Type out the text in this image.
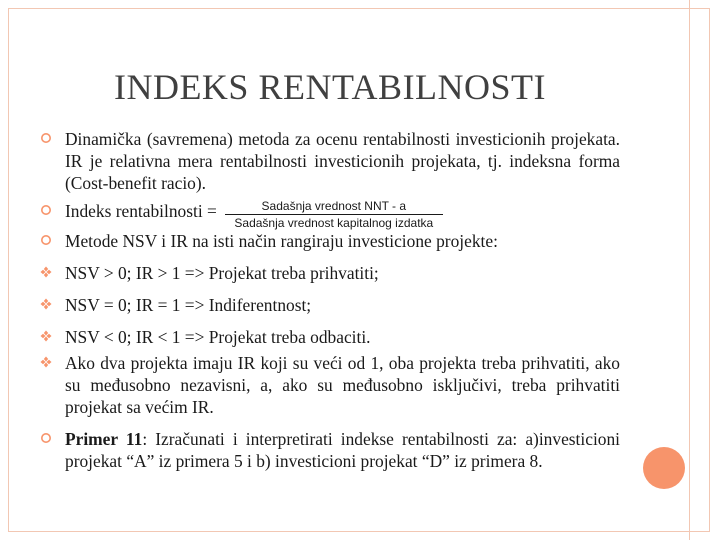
INDEKS RENTABILNOSTI
Dinamička (savremena) metoda za ocenu rentabilnosti investicionih projekata. IR je relativna mera rentabilnosti investicionih projekata, tj. indeksna forma (Cost-benefit racio).
Indeks rentabilnosti = $\frac{\text{Sadašnja vrednost NNT - a}}{\text{Sadašnja vrednost kapitalnog izdatka}}$
Metode NSV i IR na isti način rangiraju investicione projekte:
NSV > 0; IR > 1 => Projekat treba prihvatiti;
NSV = 0; IR = 1 => Indiferentnost;
NSV < 0; IR < 1 => Projekat treba odbaciti.
Ako dva projekta imaju IR koji su veći od 1, oba projekta treba prihvatiti, ako su međusobno nezavisni, a, ako su međusobno isključivi, treba prihvatiti projekat sa većim IR.
Primer 11: Izračunati i interpretirati indekse rentabilnosti za: a)investicioni projekat “A” iz primera 5 i b) investicioni projekat “D” iz primera 8.
